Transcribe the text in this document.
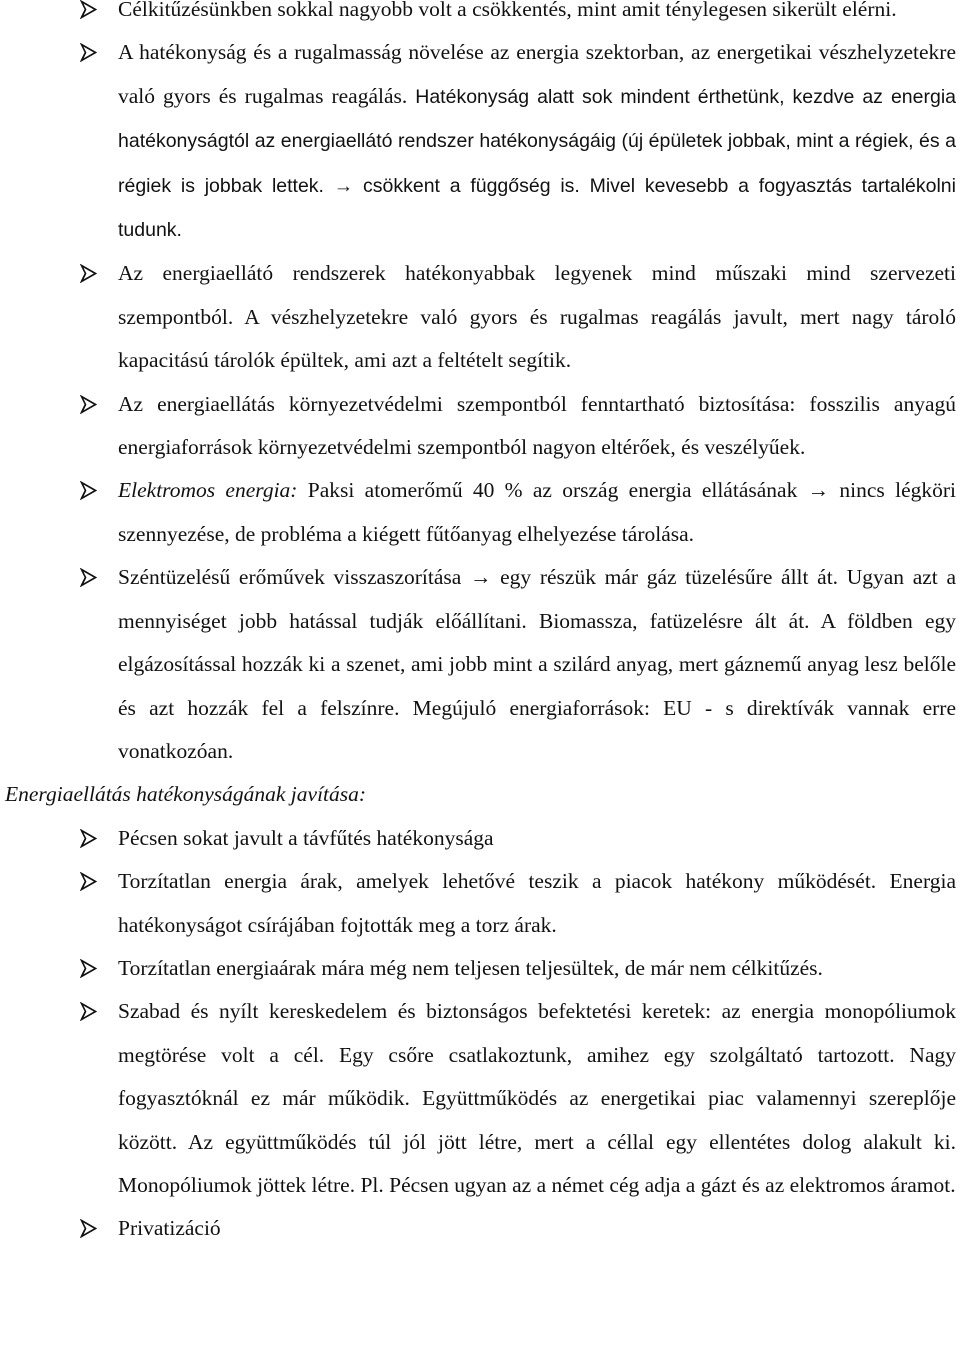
Célkitűzésünkben sokkal nagyobb volt a csökkentés, mint amit ténylegesen sikerült elérni.
A hatékonyság és a rugalmasság növelése az energia szektorban, az energetikai vészhelyzetekre való gyors és rugalmas reagálás. Hatékonyság alatt sok mindent érthetünk, kezdve az energia hatékonyságtól az energiaellátó rendszer hatékonyságáig (új épületek jobbak, mint a régiek, és a régiek is jobbak lettek. → csökkent a függőség is. Mivel kevesebb a fogyasztás tartalékolni tudunk.
Az energiaellátó rendszerek hatékonyabbak legyenek mind műszaki mind szervezeti szempontból. A vészhelyzetekre való gyors és rugalmas reagálás javult, mert nagy tároló kapacitású tárolók épültek, ami azt a feltételt segítik.
Az energiaellátás környezetvédelmi szempontból fenntartható biztosítása: fosszilis anyagú energiaforrások környezetvédelmi szempontból nagyon eltérőek, és veszélyűek.
Elektromos energia: Paksi atomerőmű 40 % az ország energia ellátásának → nincs légköri szennyezése, de probléma a kiégett fűtőanyag elhelyezése tárolása.
Széntüzelésű erőművek visszaszorítása → egy részük már gáz tüzelésűre állt át. Ugyan azt a mennyiséget jobb hatással tudják előállítani. Biomassza, fatüzelésre ált át. A földben egy elgázosítással hozzák ki a szenet, ami jobb mint a szilárd anyag, mert gáznemű anyag lesz belőle és azt hozzák fel a felszínre. Megújuló energiaforrások: EU - s direktívák vannak erre vonatkozóan.

Energiaellátás hatékonyságának javítása:

Pécsen sokat javult a távfűtés hatékonysága
Torzítatlan energia árak, amelyek lehetővé teszik a piacok hatékony működését. Energia hatékonyságot csírájában fojtották meg a torz árak.
Torzítatlan energiaárak mára még nem teljesen teljesültek, de már nem célkitűzés.
Szabad és nyílt kereskedelem és biztonságos befektetési keretek: az energia monopóliumok megtörése volt a cél. Egy csőre csatlakoztunk, amihez egy szolgáltató tartozott. Nagy fogyasztóknál ez már működik. Együttműködés az energetikai piac valamennyi szereplője között. Az együttműködés túl jól jött létre, mert a céllal egy ellentétes dolog alakult ki. Monopóliumok jöttek létre. Pl. Pécsen ugyan az a német cég adja a gázt és az elektromos áramot.
Privatizáció
